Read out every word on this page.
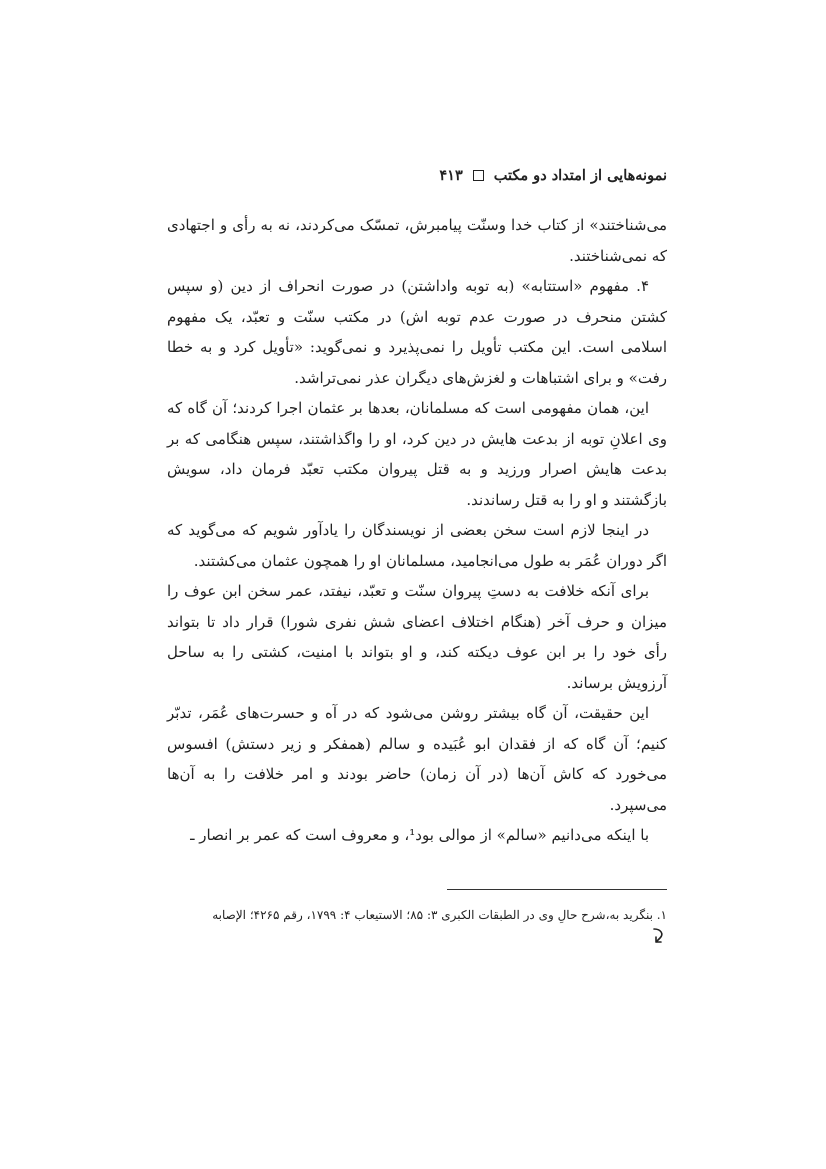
نمونه‌هایی از امتداد دو مکتب
۴۱۳

می‌شناختند» از کتاب خدا وسنّت پیامبرش، تمسّک می‌کردند، نه به رأی و اجتهادی که نمی‌شناختند.

۴. مفهوم «استتابه» (به توبه واداشتن) در صورت انحراف از دین (و سپس کشتن منحرف در صورت عدم توبه اش) در مکتب سنّت و تعبّد، یک مفهوم اسلامی است. این مکتب تأویل را نمی‌پذیرد و نمی‌گوید: «تأویل کرد و به خطا رفت» و برای اشتباهات و لغزش‌های دیگران عذر نمی‌تراشد.

این، همان مفهومی است که مسلمانان، بعدها بر عثمان اجرا کردند؛ آن گاه که وی اعلانِ توبه از بدعت هایش در دین کرد، او را واگذاشتند، سپس هنگامی که بر بدعت هایش اصرار ورزید و به قتل پیروان مکتب تعبّد فرمان داد، سویش بازگشتند و او را به قتل رساندند.

در اینجا لازم است سخن بعضی از نویسندگان را یادآور شویم که می‌گوید که اگر دوران عُمَر به طول می‌انجامید، مسلمانان او را همچون عثمان می‌کشتند.

برای آنکه خلافت به دستِ پیروان سنّت و تعبّد، نیفتد، عمر سخن ابن عوف را میزان و حرف آخر (هنگام اختلاف اعضای شش نفری شورا) قرار داد تا بتواند رأی خود را بر ابن عوف دیکته کند، و او بتواند با امنیت، کشتی را به ساحل آرزویش برساند.

این حقیقت، آن گاه بیشتر روشن می‌شود که در آه و حسرت‌های عُمَر، تدبّر کنیم؛ آن گاه که از فقدان ابو عُبَیده و سالم (همفکر و زیر دستش) افسوس می‌خورد که کاش آن‌ها (در آن زمان) حاضر بودند و امر خلافت را به آن‌ها می‌سپرد.

با اینکه می‌دانیم «سالم» از موالی بود¹، و معروف است که عمر بر انصار ـ

۱. بنگرید به،شرح حالِ وی در الطبقات الکبری ۳: ۸۵؛ الاستیعاب ۴: ۱۷۹۹، رقم ۴۲۶۵؛ الإصابه
